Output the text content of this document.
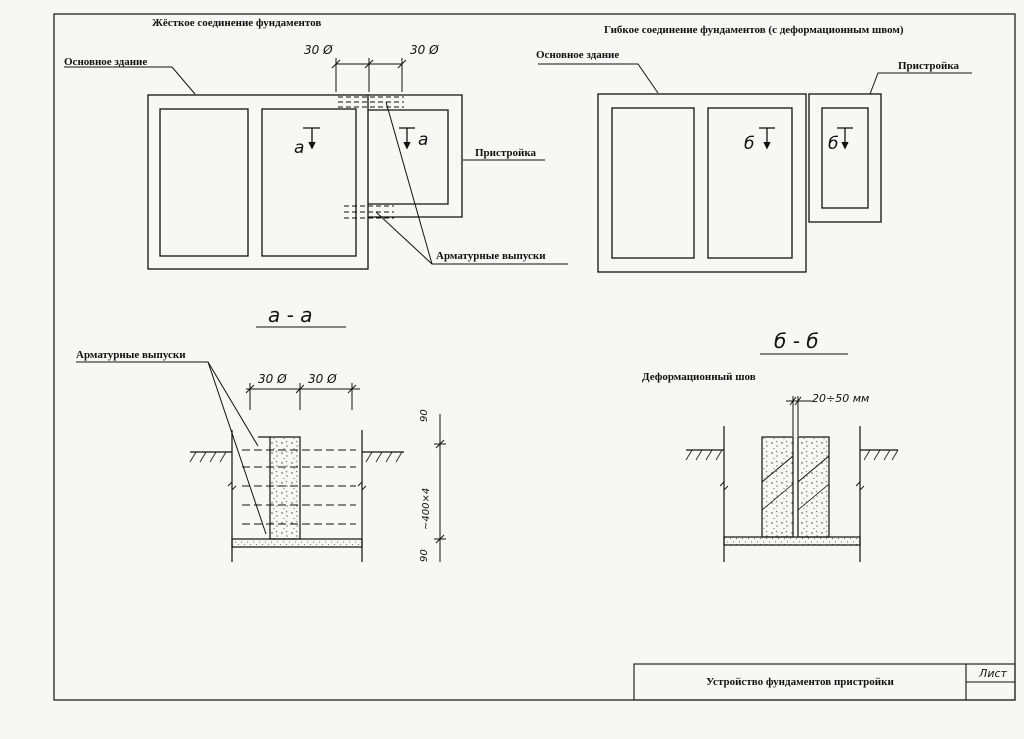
Жёсткое соединение фундаментов
Основное здание
Пристройка
Арматурные выпуски
30 Ø	30 Ø
а	а
Гибкое соединение фундаментов (с деформационным швом)
Основное здание
Пристройка
б	б
а - а
Арматурные выпуски
30 Ø 30 Ø
90
~400×4
90
б - б
Деформационный шов
20÷50 мм
Устройство фундаментов пристройки
Лист
